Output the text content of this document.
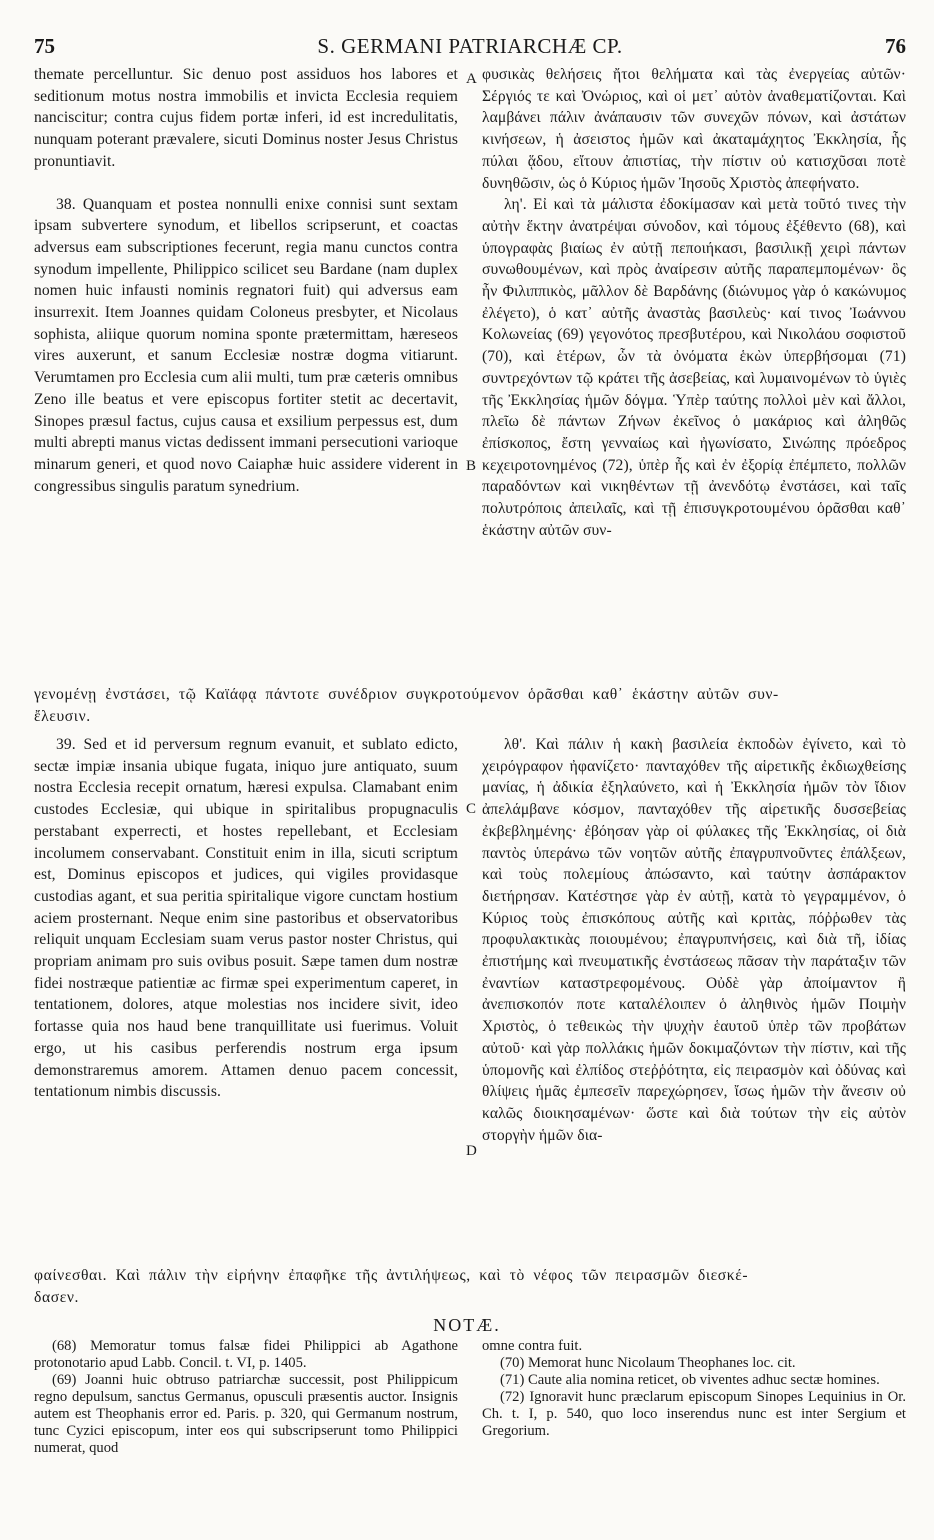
75	S. GERMANI PATRIARCHÆ CP.	76
A
B
C
D

themate percelluntur. Sic denuo post assiduos hos labores et seditionum motus nostra immobilis et invicta Ecclesia requiem nanciscitur; contra cujus fidem portæ inferi, id est incredulitatis, nunquam poterant prævalere, sicuti Dominus noster Jesus Christus pronuntiavit.

38. Quanquam et postea nonnulli enixe connisi sunt sextam ipsam subvertere synodum, et libellos scripserunt, et coactas adversus eam subscriptiones fecerunt, regia manu cunctos contra synodum impellente, Philippico scilicet seu Bardane (nam duplex nomen huic infausti nominis regnatori fuit) qui adversus eam insurrexit. Item Joannes quidam Coloneus presbyter, et Nicolaus sophista, aliique quorum nomina sponte prætermittam, hæreseos vires auxerunt, et sanum Ecclesiæ nostræ dogma vitiarunt. Verumtamen pro Ecclesia cum alii multi, tum præ cæteris omnibus Zeno ille beatus et vere episcopus fortiter stetit ac decertavit, Sinopes præsul factus, cujus causa et exsilium perpessus est, dum multi abrepti manus victas dedissent immani persecutioni varioque minarum generi, et quod novo Caiaphæ huic assidere viderent in congressibus singulis paratum synedrium.

φυσικὰς θελήσεις ἤτοι θελήματα καὶ τὰς ἐνεργείας αὐτῶν· Σέργιός τε καὶ Ὀνώριος, καὶ οἱ μετ᾽ αὐτὸν ἀναθεματίζονται. Καὶ λαμβάνει πάλιν ἀνάπαυσιν τῶν συνεχῶν πόνων, καὶ ἀστάτων κινήσεων, ἡ ἀσειστος ἡμῶν καὶ ἀκαταμάχητος Ἐκκλησία, ἧς πύλαι ᾅδου, εἴτουν ἀπιστίας, τὴν πίστιν οὐ κατισχῦσαι ποτὲ δυνηθῶσιν, ὡς ὁ Κύριος ἡμῶν Ἰησοῦς Χριστὸς ἀπεφήνατο.

λη'. Εἰ καὶ τὰ μάλιστα ἐδοκίμασαν καὶ μετὰ τοῦτό τινες τὴν αὐτὴν ἕκτην ἀνατρέψαι σύνοδον, καὶ τόμους ἐξέθεντο (68), καὶ ὑπογραφὰς βιαίως ἐν αὐτῇ πεποιήκασι, βασιλικῇ χειρὶ πάντων συνωθουμένων, καὶ πρὸς ἀναίρεσιν αὐτῆς παραπεμπομένων· ὃς ἦν Φιλιππικὸς, μᾶλλον δὲ Βαρδάνης (διώνυμος γὰρ ὁ κακώνυμος ἐλέγετο), ὁ κατ᾽ αὐτῆς ἀναστὰς βασιλεὺς· καί τινος Ἰωάννου Κολωνείας (69) γεγονότος πρεσβυτέρου, καὶ Νικολάου σοφιστοῦ (70), καὶ ἑτέρων, ὧν τὰ ὀνόματα ἑκὼν ὑπερβήσομαι (71) συντρεχόντων τῷ κράτει τῆς ἀσεβείας, καὶ λυμαινομένων τὸ ὑγιὲς τῆς Ἐκκλησίας ἡμῶν δόγμα. Ὑπὲρ ταύτης πολλοὶ μὲν καὶ ἄλλοι, πλεῖω δὲ πάντων Ζήνων ἐκεῖνος ὁ μακάριος καὶ ἀληθῶς ἐπίσκοπος, ἔστη γενναίως καὶ ἠγωνίσατο, Σινώπης πρόεδρος κεχειροτονημένος (72), ὑπὲρ ἧς καὶ ἐν ἐξορίᾳ ἐπέμπετο, πολλῶν παραδόντων καὶ νικηθέντων τῇ ἀνενδότῳ ἐνστάσει, καὶ ταῖς πολυτρόποις ἀπειλαῖς, καὶ τῇ ἐπισυγκροτουμένου ὁρᾶσθαι καθ᾽ ἑκάστην αὐτῶν συν-

γενομένῃ ἐνστάσει, τῷ Καϊάφᾳ πάντοτε συνέδριον συγκροτούμενον ὁρᾶσθαι καθ᾽ ἑκάστην αὐτῶν συν-
ἔλευσιν.

39. Sed et id perversum regnum evanuit, et sublato edicto, sectæ impiæ insania ubique fugata, iniquo jure antiquato, suum nostra Ecclesia recepit ornatum, hæresi expulsa. Clamabant enim custodes Ecclesiæ, qui ubique in spiritalibus propugnaculis perstabant experrecti, et hostes repellebant, et Ecclesiam incolumem conservabant. Constituit enim in illa, sicuti scriptum est, Dominus episcopos et judices, qui vigiles providasque custodias agant, et sua peritia spiritalique vigore cunctam hostium aciem prosternant. Neque enim sine pastoribus et observatoribus reliquit unquam Ecclesiam suam verus pastor noster Christus, qui propriam animam pro suis ovibus posuit. Sæpe tamen dum nostræ fidei nostræque patientiæ ac firmæ spei experimentum caperet, in tentationem, dolores, atque molestias nos incidere sivit, ideo fortasse quia nos haud bene tranquillitate usi fuerimus. Voluit ergo, ut his casibus perferendis nostrum erga ipsum demonstraremus amorem. Attamen denuo pacem concessit, tentationum nimbis discussis.

λθ'. Καὶ πάλιν ἡ κακὴ βασιλεία ἐκποδὼν ἐγίνετο, καὶ τὸ χειρόγραφον ἠφανίζετο· πανταχόθεν τῆς αἱρετικῆς ἐκδιωχθείσης μανίας, ἡ ἀδικία ἐξηλαύνετο, καὶ ἡ Ἐκκλησία ἡμῶν τὸν ἴδιον ἀπελάμβανε κόσμον, πανταχόθεν τῆς αἱρετικῆς δυσσεβείας ἐκβεβλημένης· ἐβόησαν γὰρ οἱ φύλακες τῆς Ἐκκλησίας, οἱ διὰ παντὸς ὑπεράνω τῶν νοητῶν αὐτῆς ἐπαγρυπνοῦντες ἐπάλξεων, καὶ τοὺς πολεμίους ἀπώσαντο, καὶ ταύτην ἀσπάρακτον διετήρησαν. Κατέστησε γὰρ ἐν αὐτῇ, κατὰ τὸ γεγραμμένον, ὁ Κύριος τοὺς ἐπισκόπους αὐτῆς καὶ κριτὰς, πόῤῥωθεν τὰς προφυλακτικὰς ποιουμένου; ἐπαγρυπνήσεις, καὶ διὰ τῆ, ἰδίας ἐπιστήμης καὶ πνευματικῆς ἐνστάσεως πᾶσαν τὴν παράταξιν τῶν ἐναντίων καταστρεφομένους. Οὐδὲ γὰρ ἀποίμαντον ἢ ἀνεπισκοπόν ποτε καταλέλοιπεν ὁ ἀληθινὸς ἡμῶν Ποιμὴν Χριστὸς, ὁ τεθεικὼς τὴν ψυχὴν ἑαυτοῦ ὑπὲρ τῶν προβάτων αὐτοῦ· καὶ γὰρ πολλάκις ἡμῶν δοκιμαζόντων τὴν πίστιν, καὶ τῆς ὑπομονῆς καὶ ἐλπίδος στεῤῥότητα, εἰς πειρασμὸν καὶ ὀδύνας καὶ θλίψεις ἡμᾶς ἐμπεσεῖν παρεχώρησεν, ἴσως ἡμῶν τὴν ἄνεσιν οὐ καλῶς διοικησαμένων· ὥστε καὶ διὰ τούτων τὴν εἰς αὐτὸν στοργὴν ἡμῶν δια-

φαίνεσθαι. Καὶ πάλιν τὴν εἰρήνην ἐπαφῆκε τῆς ἀντιλήψεως, καὶ τὸ νέφος τῶν πειρασμῶν διεσκέ-
δασεν.
NOTÆ.

(68) Memoratur tomus falsæ fidei Philippici ab Agathone protonotario apud Labb. Concil. t. VI, p. 1405.

(69) Joanni huic obtruso patriarchæ successit, post Philippicum regno depulsum, sanctus Germanus, opusculi præsentis auctor. Insignis autem est Theophanis error ed. Paris. p. 320, qui Germanum nostrum, tunc Cyzici episcopum, inter eos qui subscripserunt tomo Philippici numerat, quod

omne contra fuit.

(70) Memorat hunc Nicolaum Theophanes loc. cit.

(71) Caute alia nomina reticet, ob viventes adhuc sectæ homines.

(72) Ignoravit hunc præclarum episcopum Sinopes Lequinius in Or. Ch. t. I, p. 540, quo loco inserendus nunc est inter Sergium et Gregorium.
